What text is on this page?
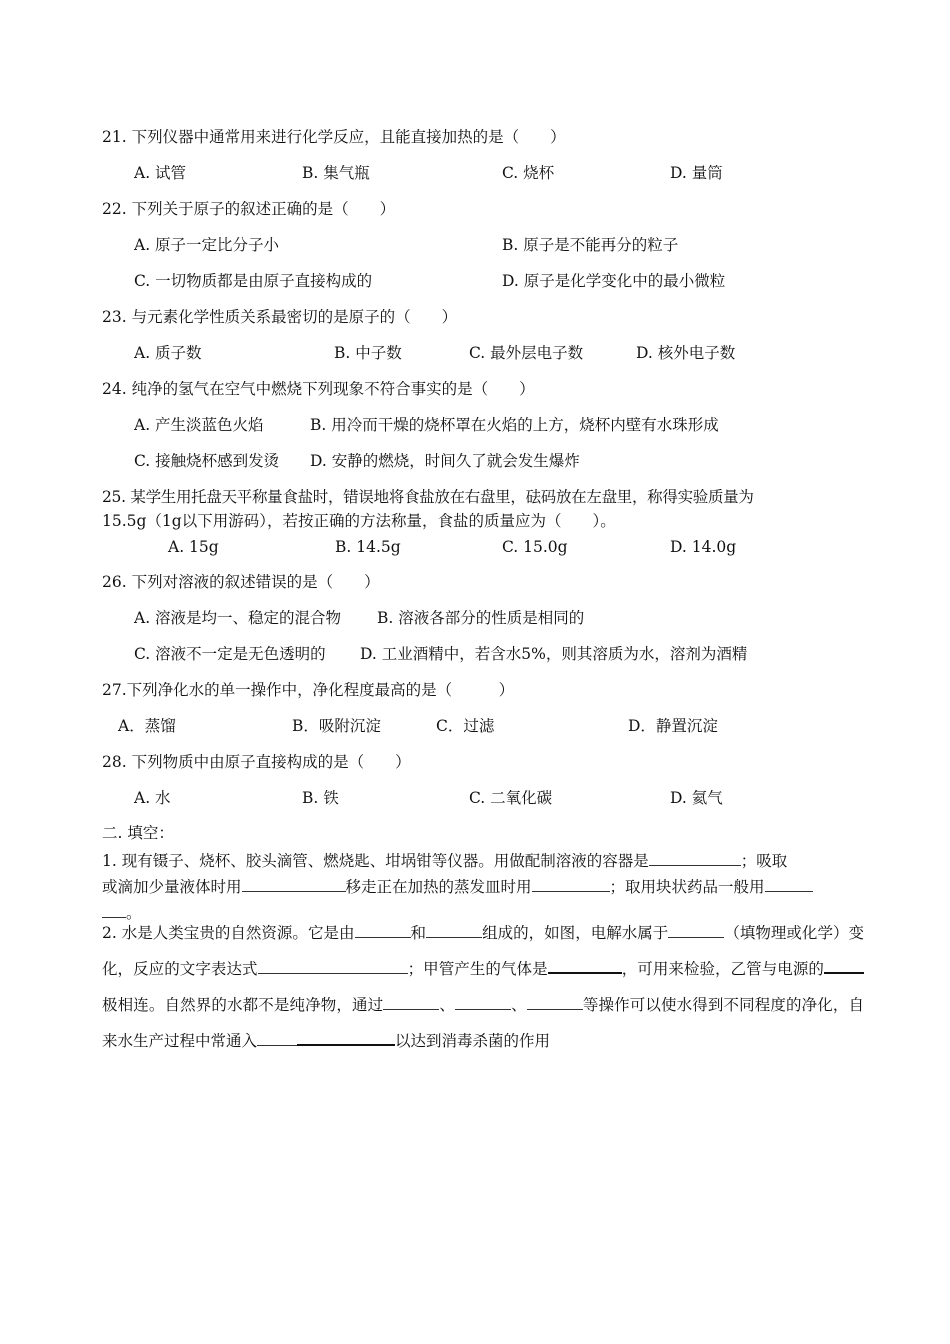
21. 下列仪器中通常用来进行化学反应，且能直接加热的是（　　）
A. 试管	B. 集气瓶	C. 烧杯	D. 量筒
22. 下列关于原子的叙述正确的是（　　）
A. 原子一定比分子小	B. 原子是不能再分的粒子
C. 一切物质都是由原子直接构成的	D. 原子是化学变化中的最小微粒
23. 与元素化学性质关系最密切的是原子的（　　）
A. 质子数	B. 中子数	C. 最外层电子数	D. 核外电子数
24. 纯净的氢气在空气中燃烧下列现象不符合事实的是（　　）
A. 产生淡蓝色火焰	B. 用冷而干燥的烧杯罩在火焰的上方，烧杯内壁有水珠形成
C. 接触烧杯感到发烫 D. 安静的燃烧，时间久了就会发生爆炸
25. 某学生用托盘天平称量食盐时，错误地将食盐放在右盘里，砝码放在左盘里，称得实验质量为
15.5g（1g以下用游码），若按正确的方法称量，食盐的质量应为（　　）。
A. 15g	B. 14.5g	C. 15.0g	D. 14.0g
26. 下列对溶液的叙述错误的是（　　）
A. 溶液是均一、稳定的混合物 B. 溶液各部分的性质是相同的
C. 溶液不一定是无色透明的 D. 工业酒精中，若含水5%，则其溶质为水，溶剂为酒精
27.下列净化水的单一操作中，净化程度最高的是（　　　）
A．蒸馏	B．吸附沉淀	C．过滤	D．静置沉淀
28. 下列物质中由原子直接构成的是（　　）
A. 水	B. 铁	C. 二氧化碳	D. 氦气
二. 填空：
1. 现有镊子、烧杯、胶头滴管、燃烧匙、坩埚钳等仪器。用做配制溶液的容器是	；吸取
或滴加少量液体时用	移走正在加热的蒸发皿时用	；取用块状药品一般用
。
2. 水是人类宝贵的自然资源。它是由	和	组成的，如图，电解水属于	（填物理或化学）变化，反应的文字表达式	；甲管产生的气体是	，可用来检验，乙管与电源的极相连。自然界的水都不是纯净物，通过	、	、	等操作可以使水得到不同程度的净化，自来水生产过程中常通入	以达到消毒杀菌的作用
